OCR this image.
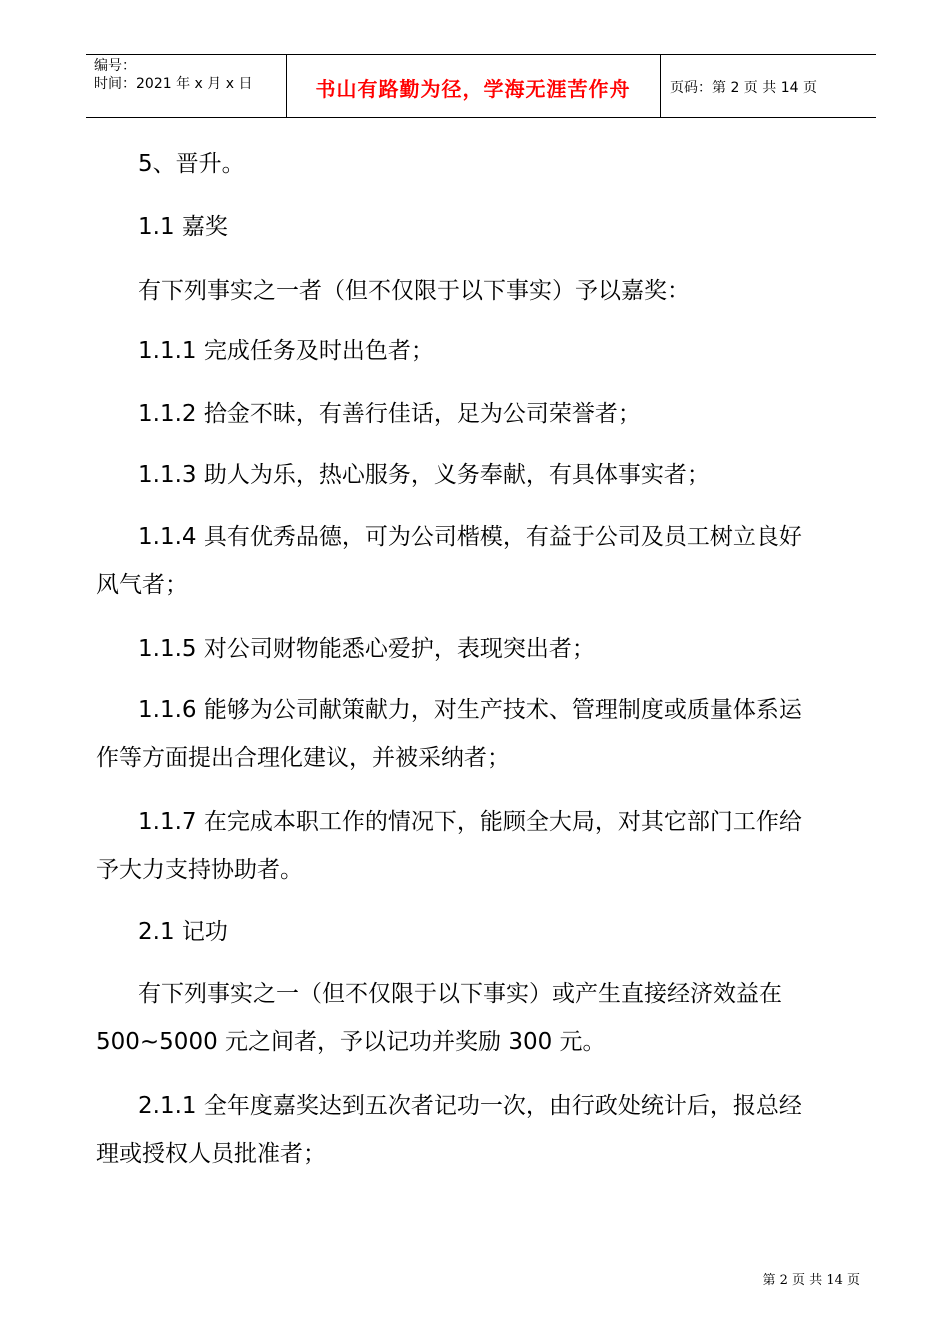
编号：
时间：2021 年 x 月 x 日	书山有路勤为径，学海无涯苦作舟	页码：第 2 页 共 14 页
5、晋升。
1.1 嘉奖
有下列事实之一者（但不仅限于以下事实）予以嘉奖：
1.1.1 完成任务及时出色者；
1.1.2 拾金不昧，有善行佳话，足为公司荣誉者；
1.1.3 助人为乐，热心服务，义务奉献，有具体事实者；
1.1.4 具有优秀品德，可为公司楷模，有益于公司及员工树立良好
风气者；
1.1.5 对公司财物能悉心爱护，表现突出者；
1.1.6 能够为公司献策献力，对生产技术、管理制度或质量体系运
作等方面提出合理化建议，并被采纳者；
1.1.7 在完成本职工作的情况下，能顾全大局，对其它部门工作给
予大力支持协助者。
2.1 记功
有下列事实之一（但不仅限于以下事实）或产生直接经济效益在
500~5000 元之间者，予以记功并奖励 300 元。
2.1.1 全年度嘉奖达到五次者记功一次，由行政处统计后，报总经
理或授权人员批准者；
第 2 页 共 14 页
